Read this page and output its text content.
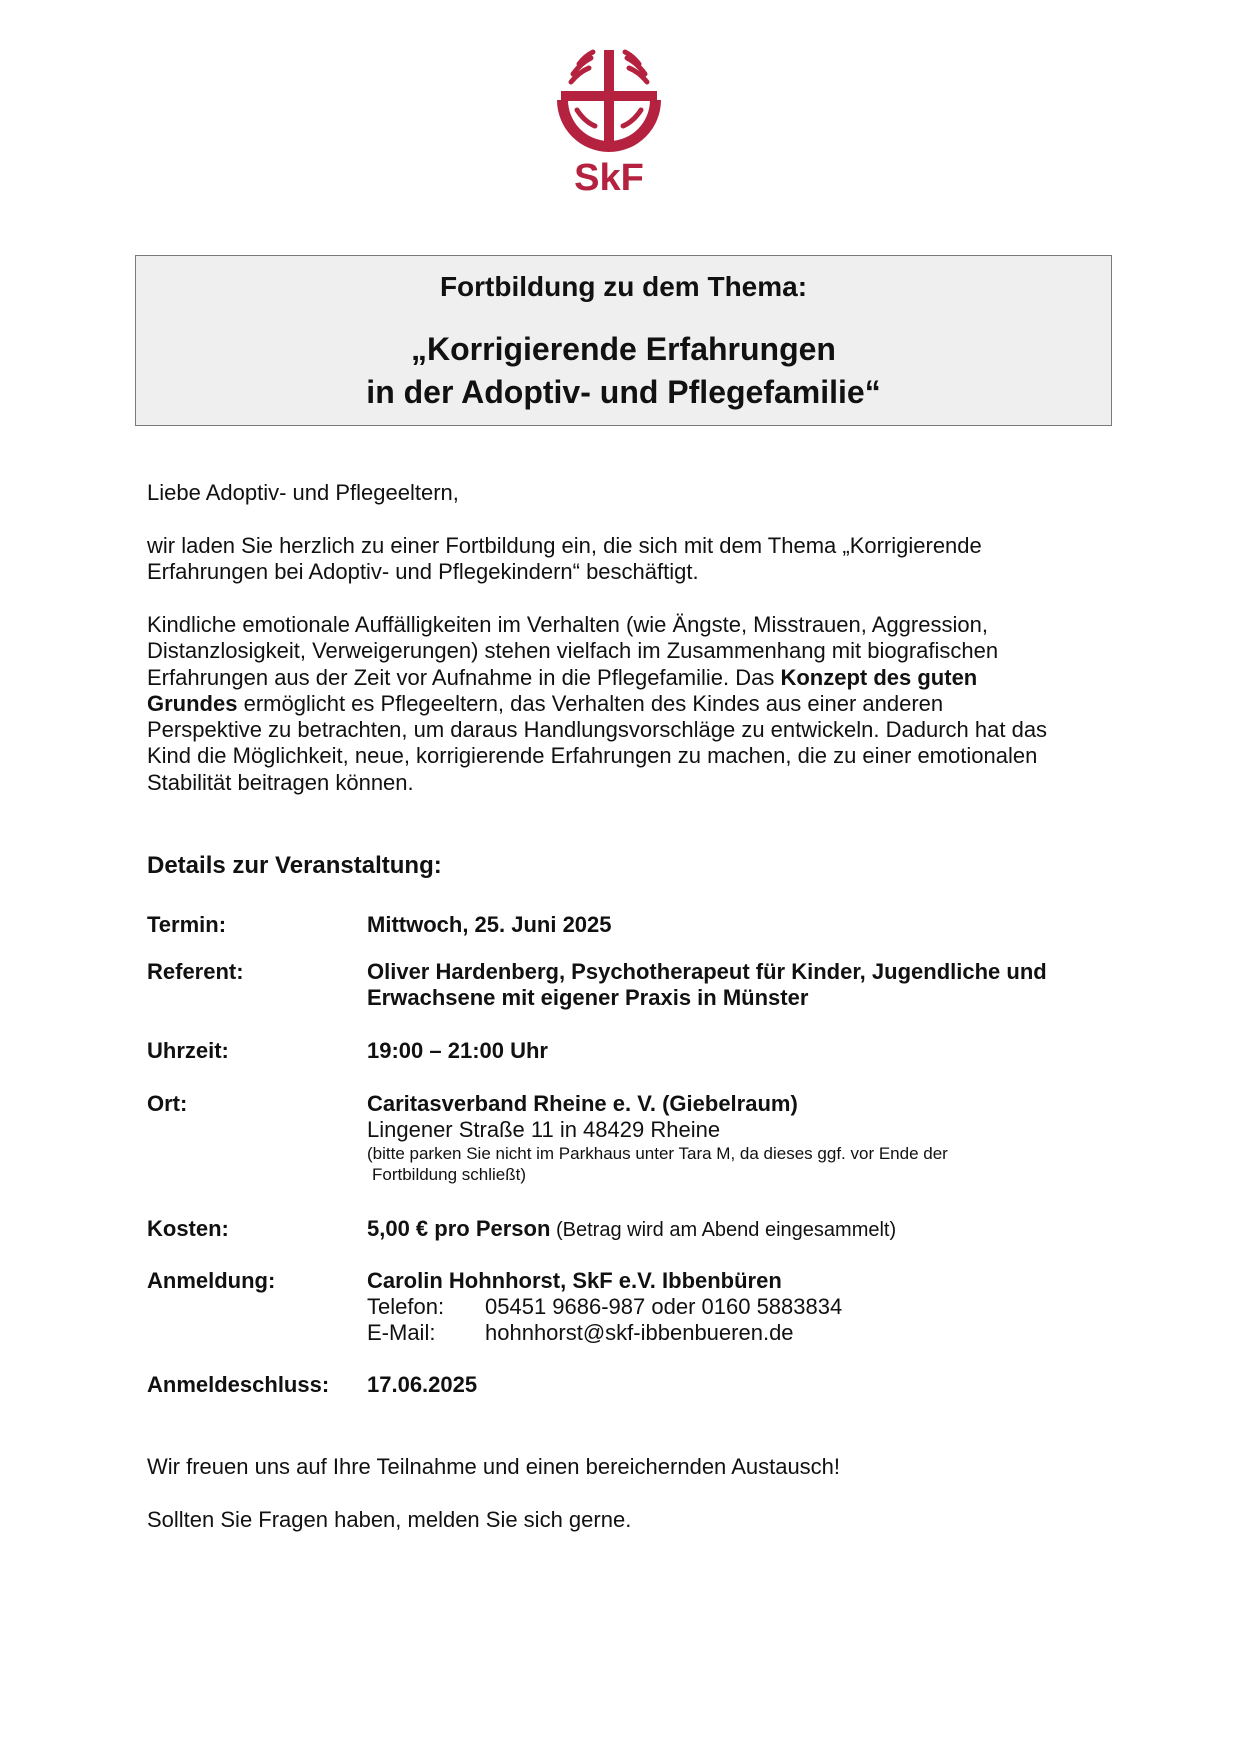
SkF
Fortbildung zu dem Thema:
„Korrigierende Erfahrungen
in der Adoptiv- und Pflegefamilie“
Liebe Adoptiv- und Pflegeeltern,
wir laden Sie herzlich zu einer Fortbildung ein, die sich mit dem Thema „Korrigierende
Erfahrungen bei Adoptiv- und Pflegekindern“ beschäftigt.
Kindliche emotionale Auffälligkeiten im Verhalten (wie Ängste, Misstrauen, Aggression,
Distanzlosigkeit, Verweigerungen) stehen vielfach im Zusammenhang mit biografischen
Erfahrungen aus der Zeit vor Aufnahme in die Pflegefamilie. Das Konzept des guten
Grundes ermöglicht es Pflegeeltern, das Verhalten des Kindes aus einer anderen
Perspektive zu betrachten, um daraus Handlungsvorschläge zu entwickeln. Dadurch hat das
Kind die Möglichkeit, neue, korrigierende Erfahrungen zu machen, die zu einer emotionalen
Stabilität beitragen können.
Details zur Veranstaltung:
Termin:	Mittwoch, 25. Juni 2025
Referent:	Oliver Hardenberg, Psychotherapeut für Kinder, Jugendliche und
Erwachsene mit eigener Praxis in Münster
Uhrzeit:	19:00 – 21:00 Uhr
Ort:	Caritasverband Rheine e. V. (Giebelraum)
Lingener Straße 11 in 48429 Rheine
(bitte parken Sie nicht im Parkhaus unter Tara M, da dieses ggf. vor Ende der
Fortbildung schließt)
Kosten:	5,00 € pro Person (Betrag wird am Abend eingesammelt)
Anmeldung:	Carolin Hohnhorst, SkF e.V. Ibbenbüren
Telefon: 05451 9686-987 oder 0160 5883834
E-Mail: hohnhorst@skf-ibbenbueren.de
Anmeldeschluss: 17.06.2025
Wir freuen uns auf Ihre Teilnahme und einen bereichernden Austausch!
Sollten Sie Fragen haben, melden Sie sich gerne.
